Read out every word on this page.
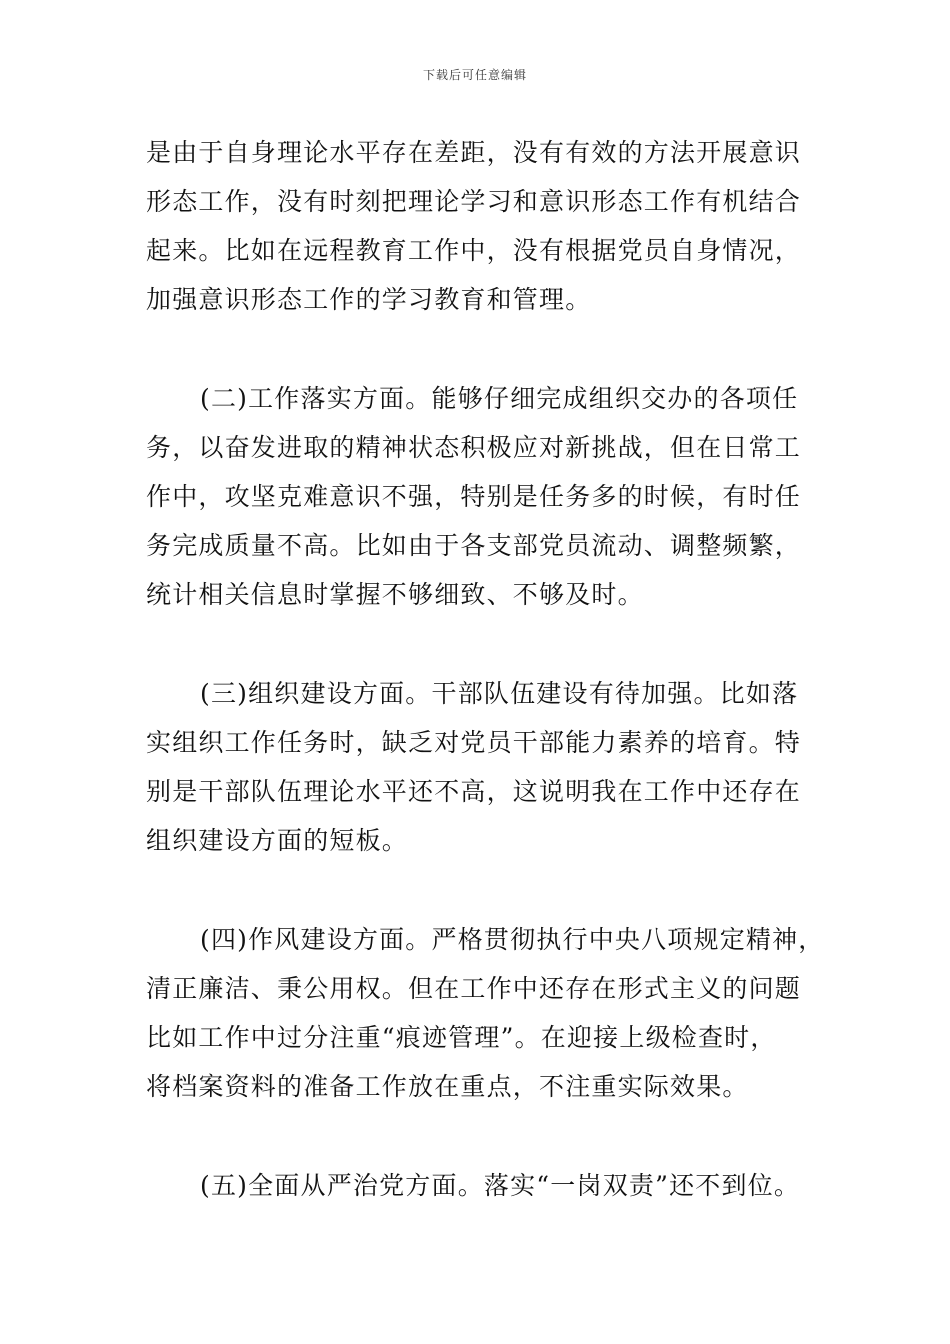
下载后可任意编辑
是由于自身理论水平存在差距，没有有效的方法开展意识
形态工作，没有时刻把理论学习和意识形态工作有机结合
起来。比如在远程教育工作中，没有根据党员自身情况，
加强意识形态工作的学习教育和管理。
(二)工作落实方面。能够仔细完成组织交办的各项任
务，以奋发进取的精神状态积极应对新挑战，但在日常工
作中，攻坚克难意识不强，特别是任务多的时候，有时任
务完成质量不高。比如由于各支部党员流动、调整频繁，
统计相关信息时掌握不够细致、不够及时。
(三)组织建设方面。干部队伍建设有待加强。比如落
实组织工作任务时，缺乏对党员干部能力素养的培育。特
别是干部队伍理论水平还不高，这说明我在工作中还存在
组织建设方面的短板。
(四)作风建设方面。严格贯彻执行中央八项规定精神，
清正廉洁、秉公用权。但在工作中还存在形式主义的问题
比如工作中过分注重“痕迹管理”。在迎接上级检查时，
将档案资料的准备工作放在重点，不注重实际效果。
(五)全面从严治党方面。落实“一岗双责”还不到位。
